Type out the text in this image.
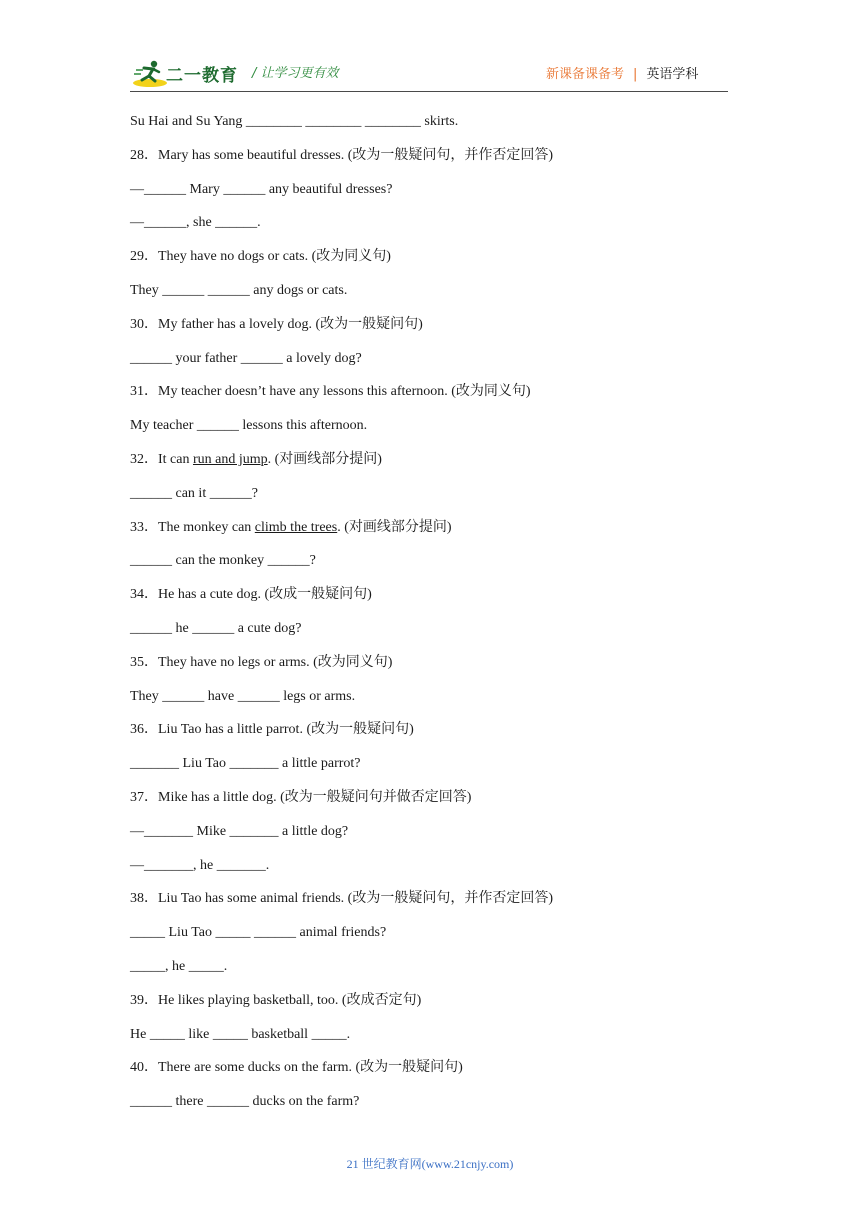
二一教育 / 让学习更有效	新课备课备考 | 英语学科
Su Hai and Su Yang ________ ________ ________ skirts.
28．Mary has some beautiful dresses. (改为一般疑问句，并作否定回答)
—______ Mary ______ any beautiful dresses?
—______, she ______.
29．They have no dogs or cats. (改为同义句)
They ______ ______ any dogs or cats.
30．My father has a lovely dog. (改为一般疑问句)
______ your father ______ a lovely dog?
31．My teacher doesn’t have any lessons this afternoon. (改为同义句)
My teacher ______ lessons this afternoon.
32．It can run and jump. (对画线部分提问)
______ can it ______?
33．The monkey can climb the trees. (对画线部分提问)
______ can the monkey ______?
34．He has a cute dog. (改成一般疑问句)
______ he ______ a cute dog?
35．They have no legs or arms. (改为同义句)
They ______ have ______ legs or arms.
36．Liu Tao has a little parrot. (改为一般疑问句)
_______ Liu Tao _______ a little parrot?
37．Mike has a little dog. (改为一般疑问句并做否定回答)
—_______ Mike _______ a little dog?
—_______, he _______.
38．Liu Tao has some animal friends. (改为一般疑问句，并作否定回答)
_____ Liu Tao _____ ______ animal friends?
_____, he _____.
39．He likes playing basketball, too. (改成否定句)
He _____ like _____ basketball _____.
40．There are some ducks on the farm. (改为一般疑问句)
______ there ______ ducks on the farm?
21 世纪教育网(www.21cnjy.com)
